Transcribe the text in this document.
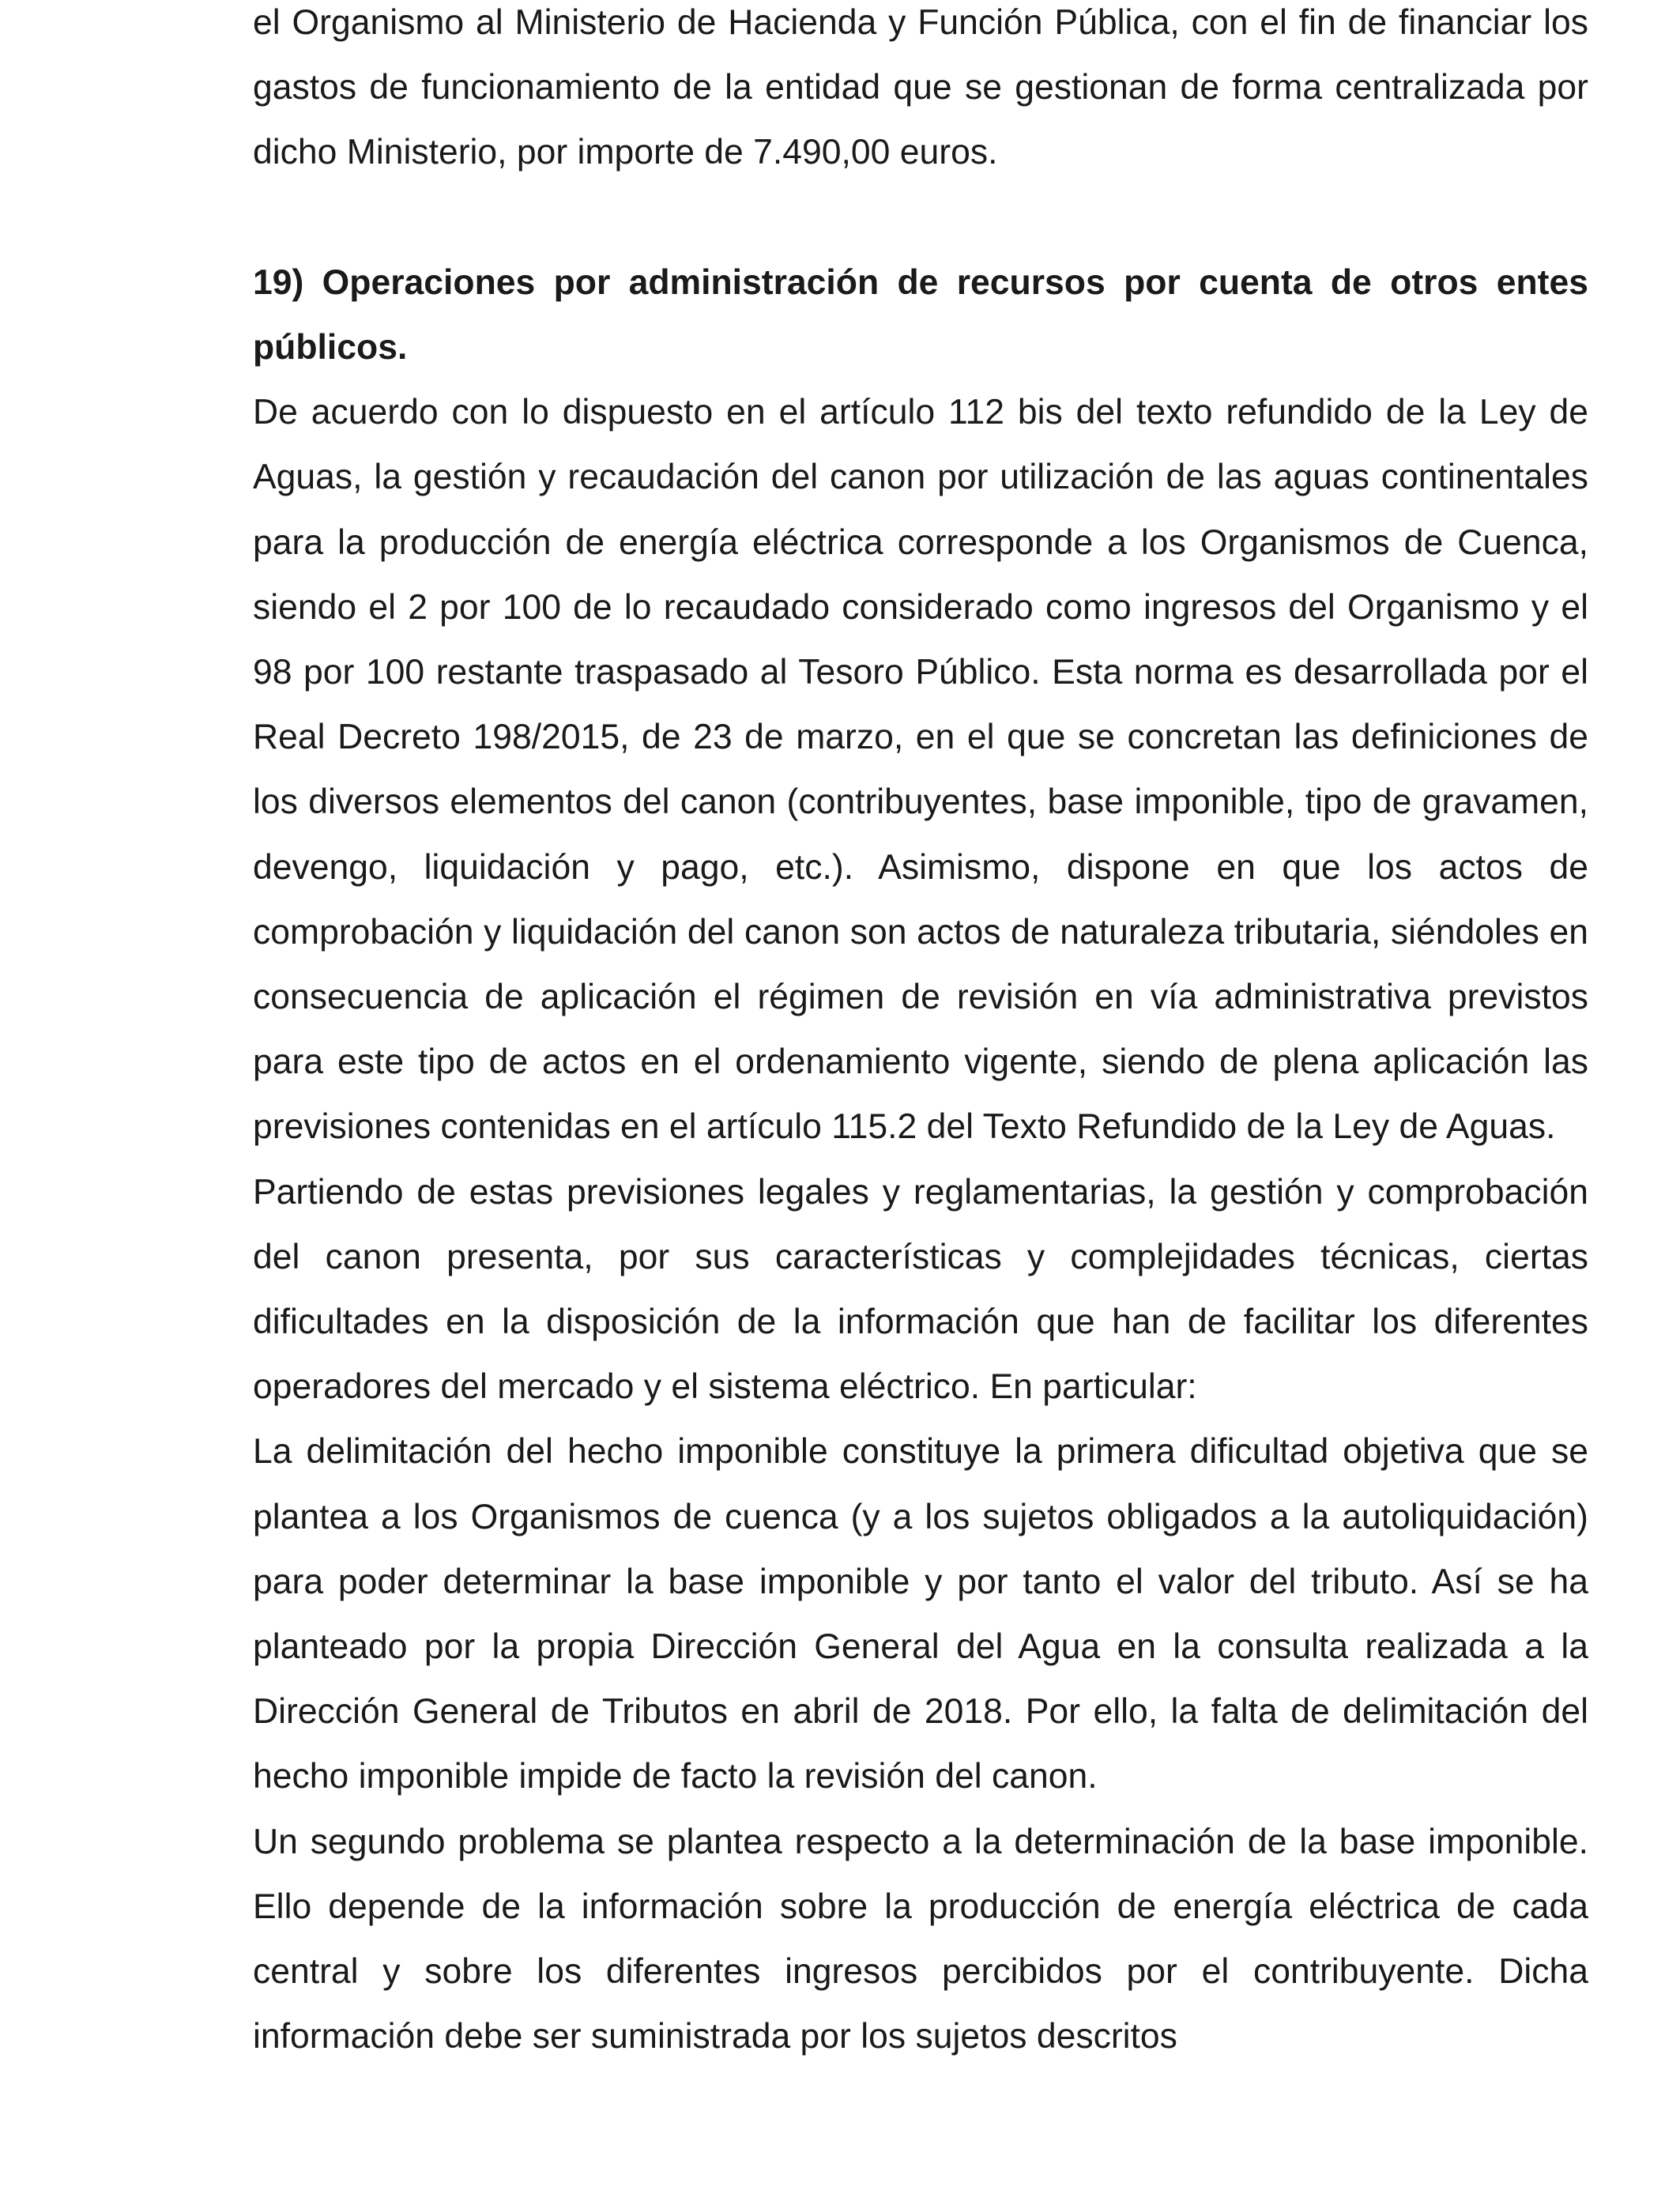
el Organismo al Ministerio de Hacienda y Función Pública, con el fin de financiar los gastos de funcionamiento de la entidad que se gestionan de forma centralizada por dicho Ministerio, por importe de 7.490,00 euros.

19) Operaciones por administración de recursos por cuenta de otros entes públicos.

De acuerdo con lo dispuesto en el artículo 112 bis del texto refundido de la Ley de Aguas, la gestión y recaudación del canon por utilización de las aguas continentales para la producción de energía eléctrica corresponde a los Organismos de Cuenca, siendo el 2 por 100 de lo recaudado considerado como ingresos del Organismo y el 98 por 100 restante traspasado al Tesoro Público. Esta norma es desarrollada por el Real Decreto 198/2015, de 23 de marzo, en el que se concretan las definiciones de los diversos elementos del canon (contribuyentes, base imponible, tipo de gravamen, devengo, liquidación y pago, etc.). Asimismo, dispone en que los actos de comprobación y liquidación del canon son actos de naturaleza tributaria, siéndoles en consecuencia de aplicación el régimen de revisión en vía administrativa previstos para este tipo de actos en el ordenamiento vigente, siendo de plena aplicación las previsiones contenidas en el artículo 115.2 del Texto Refundido de la Ley de Aguas.

Partiendo de estas previsiones legales y reglamentarias, la gestión y comprobación del canon presenta, por sus características y complejidades técnicas, ciertas dificultades en la disposición de la información que han de facilitar los diferentes operadores del mercado y el sistema eléctrico. En particular:

La delimitación del hecho imponible constituye la primera dificultad objetiva que se plantea a los Organismos de cuenca (y a los sujetos obligados a la autoliquidación) para poder determinar la base imponible y por tanto el valor del tributo. Así se ha planteado por la propia Dirección General del Agua en la consulta realizada a la Dirección General de Tributos en abril de 2018. Por ello, la falta de delimitación del hecho imponible impide de facto la revisión del canon.

Un segundo problema se plantea respecto a la determinación de la base imponible. Ello depende de la información sobre la producción de energía eléctrica de cada central y sobre los diferentes ingresos percibidos por el contribuyente. Dicha información debe ser suministrada por los sujetos descritos
